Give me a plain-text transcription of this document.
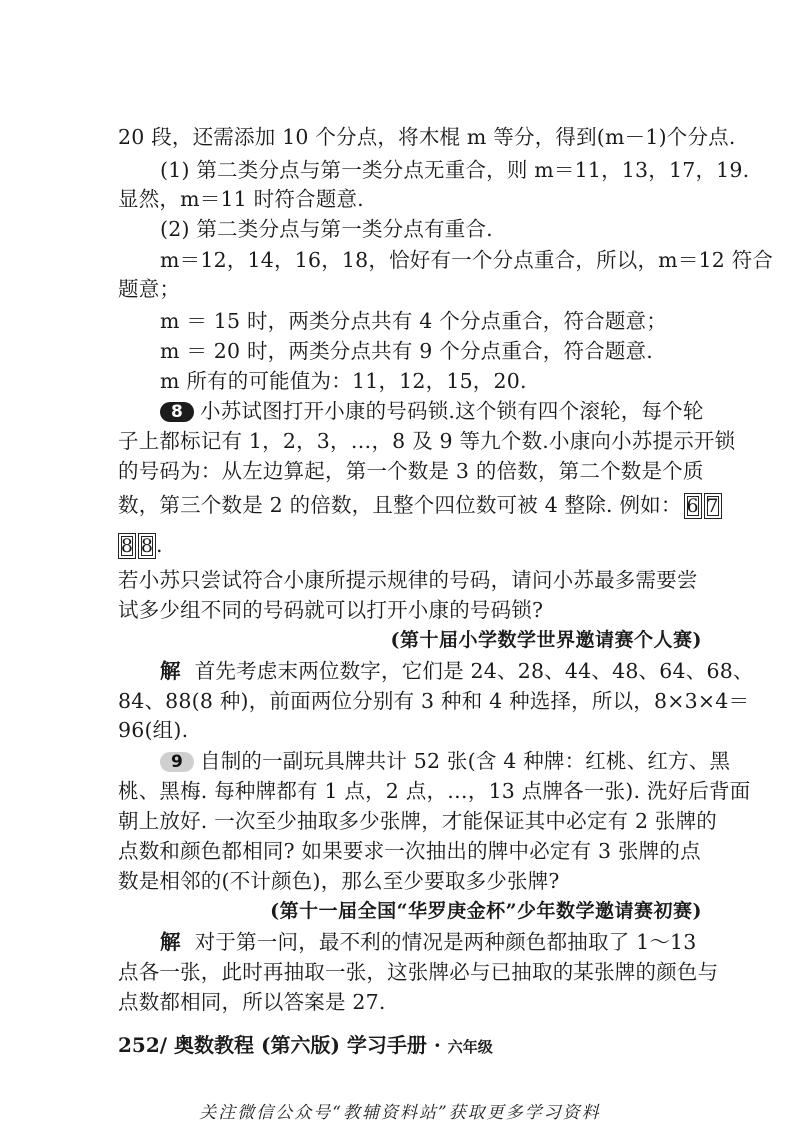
20 段，还需添加 10 个分点，将木棍 m 等分，得到(m－1)个分点.
(1) 第二类分点与第一类分点无重合，则 m＝11，13，17，19.
显然，m＝11 时符合题意.
(2) 第二类分点与第一类分点有重合.
m＝12，14，16，18，恰好有一个分点重合，所以，m＝12 符合
题意；
m ＝ 15 时，两类分点共有 4 个分点重合，符合题意；
m ＝ 20 时，两类分点共有 9 个分点重合，符合题意.
m 所有的可能值为：11，12，15，20.
8 小苏试图打开小康的号码锁.这个锁有四个滚轮，每个轮
子上都标记有 1，2，3，…，8 及 9 等九个数.小康向小苏提示开锁
的号码为：从左边算起，第一个数是 3 的倍数，第二个数是个质
数，第三个数是 2 的倍数，且整个四位数可被 4 整除. 例如： 6 7
8 8 .
若小苏只尝试符合小康所提示规律的号码，请问小苏最多需要尝
试多少组不同的号码就可以打开小康的号码锁?
(第十届小学数学世界邀请赛个人赛)
解 首先考虑末两位数字，它们是 24、28、44、48、64、68、
84、88(8 种)，前面两位分别有 3 种和 4 种选择，所以，8×3×4＝
96(组).
9 自制的一副玩具牌共计 52 张(含 4 种牌：红桃、红方、黑
桃、黑梅. 每种牌都有 1 点，2 点，…，13 点牌各一张). 洗好后背面
朝上放好. 一次至少抽取多少张牌，才能保证其中必定有 2 张牌的
点数和颜色都相同? 如果要求一次抽出的牌中必定有 3 张牌的点
数是相邻的(不计颜色)，那么至少要取多少张牌?
(第十一届全国“华罗庚金杯”少年数学邀请赛初赛)
解 对于第一问，最不利的情况是两种颜色都抽取了 1～13
点各一张，此时再抽取一张，这张牌必与已抽取的某张牌的颜色与
点数都相同，所以答案是 27.
252/ 奥数教程 (第六版) 学习手册 · 六年级
关注微信公众号“教辅资料站”获取更多学习资料
